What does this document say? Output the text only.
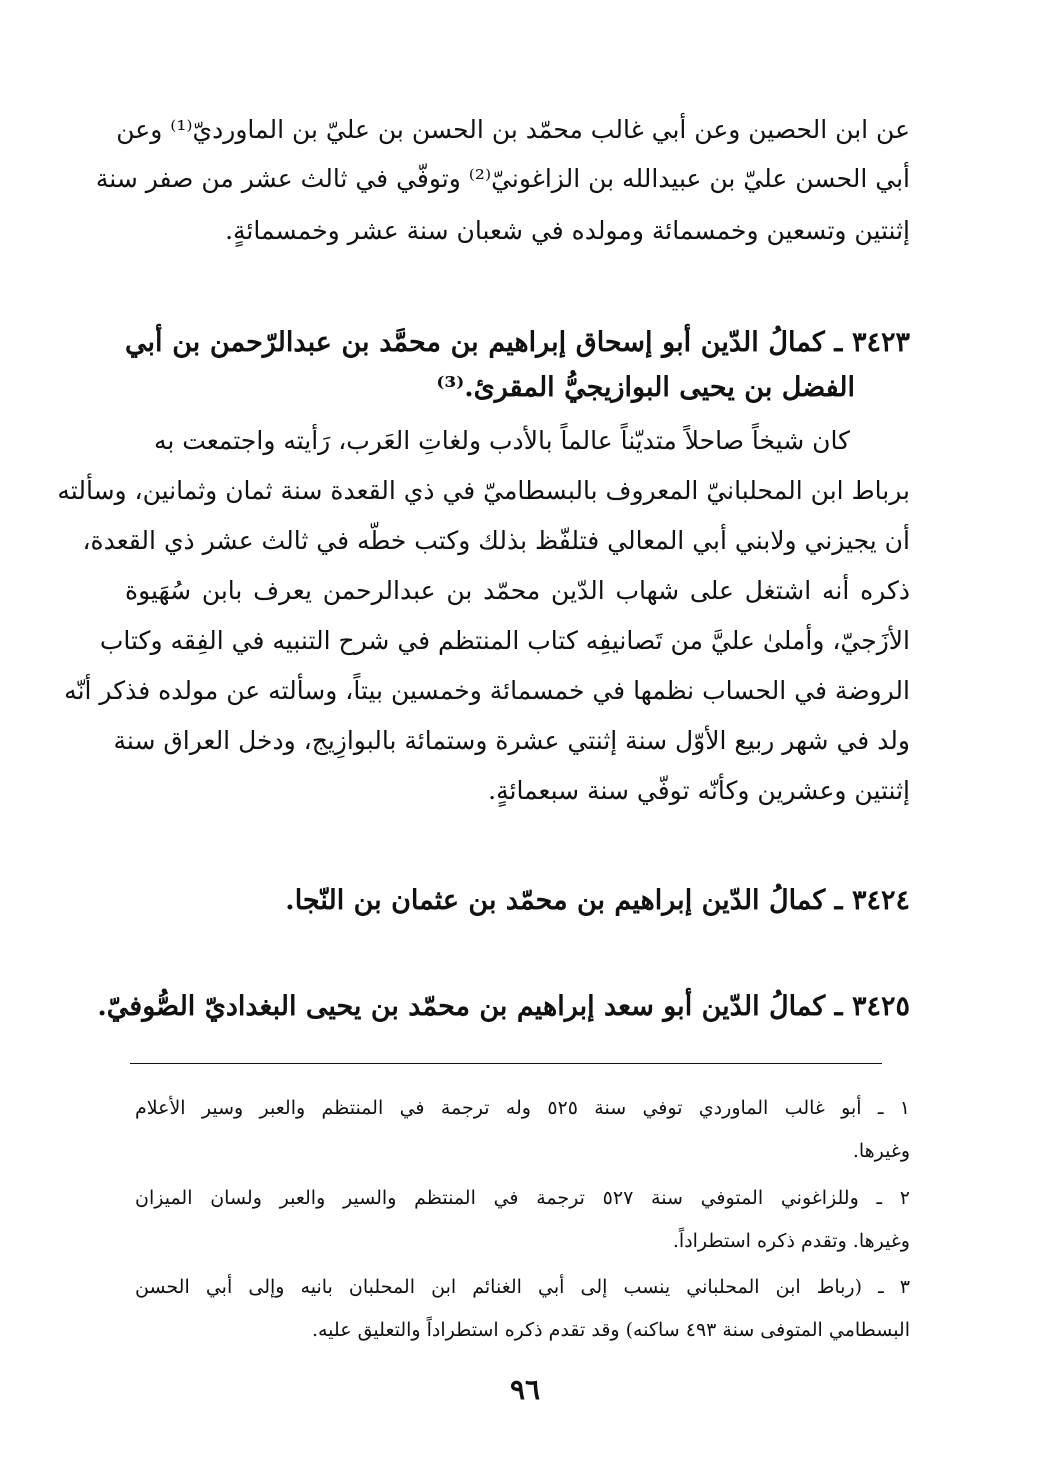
عن ابن الحصين وعن أبي غالب محمّد بن الحسن بن عليّ بن الماورديّ⁽¹⁾ وعن
أبي الحسن عليّ بن عبيدالله بن الزاغونيّ⁽²⁾ وتوفّي في ثالث عشر من صفر سنة
إثنتين وتسعين وخمسمائة ومولده في شعبان سنة عشر وخمسمائةٍ.
٣٤٢٣ ـ كمالُ الدّين أبو إسحاق إبراهيم بن محمَّد بن عبدالرّحمن بن أبي
الفضل بن يحيى البوازيجيُّ المقرئ.⁽³⁾
كان شيخاً صاحلاً متديّناً عالماً بالأدب ولغاتِ العَرب، رَأيته واجتمعت به
برباط ابن المحلبانيّ المعروف بالبسطاميّ في ذي القعدة سنة ثمان وثمانين، وسألته
أن يجيزني ولابني أبي المعالي فتلفّظ بذلك وكتب خطّه في ثالث عشر ذي القعدة،
ذكره أنه اشتغل على شهاب الدّين محمّد بن عبدالرحمن يعرف بابن سُهَيوة
الأزَجيّ، وأملىٰ عليَّ من تَصانيفِه كتاب المنتظم في شرح التنبيه في الفِقه وكتاب
الروضة في الحساب نظمها في خمسمائة وخمسين بيتاً، وسألته عن مولده فذكر أنّه
ولد في شهر ربيع الأوّل سنة إثنتي عشرة وستمائة بالبوازِيج، ودخل العراق سنة
إثنتين وعشرين وكأنّه توفّي سنة سبعمائةٍ.
٣٤٢٤ ـ كمالُ الدّين إبراهيم بن محمّد بن عثمان بن النّجا.
٣٤٢٥ ـ كمالُ الدّين أبو سعد إبراهيم بن محمّد بن يحيى البغداديّ الصُّوفيّ.
١ ـ أبو غالب الماوردي توفي سنة ٥٢٥ وله ترجمة في المنتظم والعبر وسير الأعلام
وغيرها.
٢ ـ وللزاغوني المتوفي سنة ٥٢٧ ترجمة في المنتظم والسير والعبر ولسان الميزان
وغيرها. وتقدم ذكره استطراداً.
٣ ـ (رباط ابن المحلباني ينسب إلى أبي الغنائم ابن المحلبان بانيه وإلى أبي الحسن
البسطامي المتوفى سنة ٤٩٣ ساكنه) وقد تقدم ذكره استطراداً والتعليق عليه.
٩٦
